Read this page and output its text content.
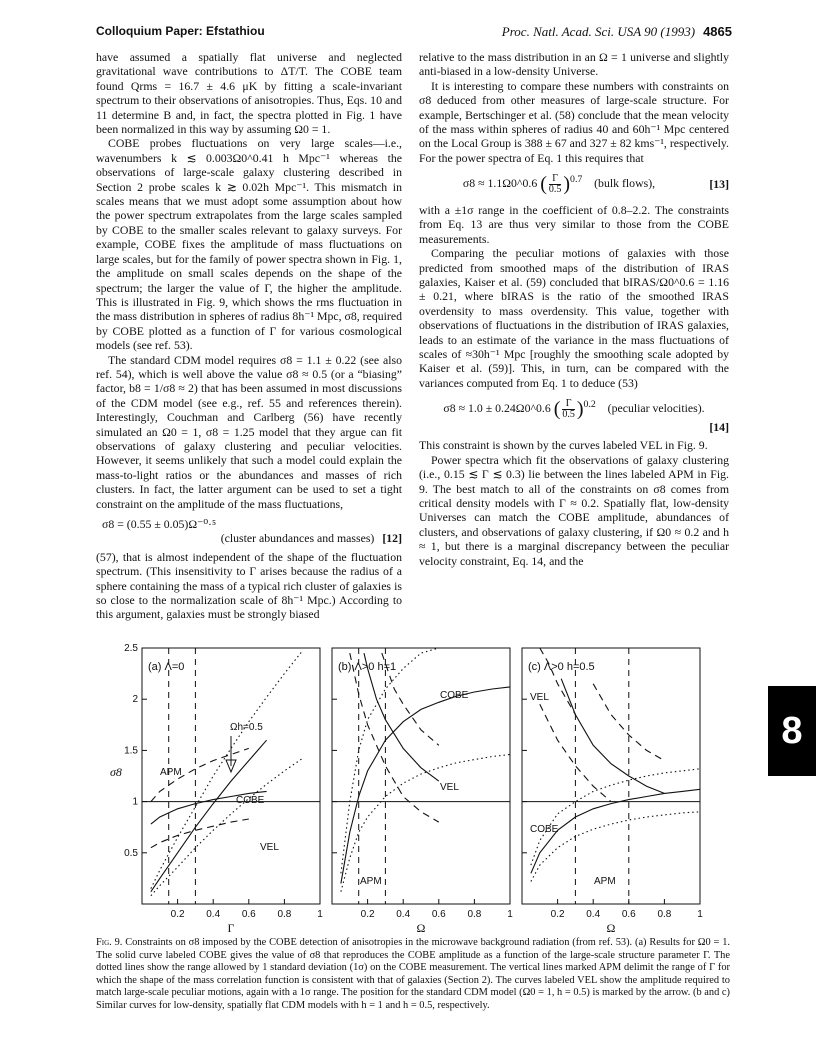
Colloquium Paper: Efstathiou	Proc. Natl. Acad. Sci. USA 90 (1993) 4865

have assumed a spatially flat universe and neglected gravitational wave contributions to ΔT/T. The COBE team found Qrms = 16.7 ± 4.6 μK by fitting a scale-invariant spectrum to their observations of anisotropies. Thus, Eqs. 10 and 11 determine B and, in fact, the spectra plotted in Fig. 1 have been normalized in this way by assuming Ω0 = 1.

COBE probes fluctuations on very large scales—i.e., wavenumbers k ≲ 0.003Ω0^0.41 h Mpc⁻¹ whereas the observations of large-scale galaxy clustering described in Section 2 probe scales k ≳ 0.02h Mpc⁻¹. This mismatch in scales means that we must adopt some assumption about how the power spectrum extrapolates from the large scales sampled by COBE to the smaller scales relevant to galaxy surveys. For example, COBE fixes the amplitude of mass fluctuations on large scales, but for the family of power spectra shown in Fig. 1, the amplitude on small scales depends on the shape of the spectrum; the larger the value of Γ, the higher the amplitude. This is illustrated in Fig. 9, which shows the rms fluctuation in the mass distribution in spheres of radius 8h⁻¹ Mpc, σ8, required by COBE plotted as a function of Γ for various cosmological models (see ref. 53).

The standard CDM model requires σ8 = 1.1 ± 0.22 (see also ref. 54), which is well above the value σ8 ≈ 0.5 (or a “biasing” factor, b8 = 1/σ8 ≈ 2) that has been assumed in most discussions of the CDM model (see e.g., ref. 55 and references therein). Interestingly, Couchman and Carlberg (56) have recently simulated an Ω0 = 1, σ8 = 1.25 model that they argue can fit observations of galaxy clustering and peculiar velocities. However, it seems unlikely that such a model could explain the mass-to-light ratios or the abundances and masses of rich clusters. In fact, the latter argument can be used to set a tight constraint on the amplitude of the mass fluctuations,

σ8 = (0.55 ± 0.05)Ω⁻⁰·⁵
(cluster abundances and masses) [12]

(57), that is almost independent of the shape of the fluctuation spectrum. (This insensitivity to Γ arises because the radius of a sphere containing the mass of a typical rich cluster of galaxies is so close to the normalization scale of 8h⁻¹ Mpc.) According to this argument, galaxies must be strongly biased

relative to the mass distribution in an Ω = 1 universe and slightly anti-biased in a low-density Universe.

It is interesting to compare these numbers with constraints on σ8 deduced from other measures of large-scale structure. For example, Bertschinger et al. (58) conclude that the mean velocity of the mass within spheres of radius 40 and 60h⁻¹ Mpc centered on the Local Group is 388 ± 67 and 327 ± 82 kms⁻¹, respectively. For the power spectra of Eq. 1 this requires that

σ8 ≈ 1.1Ω0^0.6 ( $\frac{\Gamma}{0.5} )^{0.7}$ (bulk flows),	[13]

with a ±1σ range in the coefficient of 0.8–2.2. The constraints from Eq. 13 are thus very similar to those from the COBE measurements.

Comparing the peculiar motions of galaxies with those predicted from smoothed maps of the distribution of IRAS galaxies, Kaiser et al. (59) concluded that bIRAS/Ω0^0.6 = 1.16 ± 0.21, where bIRAS is the ratio of the smoothed IRAS overdensity to mass overdensity. This value, together with observations of fluctuations in the distribution of IRAS galaxies, leads to an estimate of the variance in the mass fluctuations of scales of ≈30h⁻¹ Mpc [roughly the smoothing scale adopted by Kaiser et al. (59)]. This, in turn, can be compared with the variances computed from Eq. 1 to deduce (53)

σ8 ≈ 1.0 ± 0.24Ω0^0.6 ( $\frac{\Gamma}{0.5} )^{0.2}$ (peculiar velocities).
[14]

This constraint is shown by the curves labeled VEL in Fig. 9.

Power spectra which fit the observations of galaxy clustering (i.e., 0.15 ≲ Γ ≲ 0.3) lie between the lines labeled APM in Fig. 9. The best match to all of the constraints on σ8 comes from critical density models with Γ ≈ 0.2. Spatially flat, low-density Universes can match the COBE amplitude, abundances of clusters, and observations of galaxy clustering, if Ω0 ≈ 0.2 and h ≈ 1, but there is a marginal discrepancy between the peculiar velocity constraint, Eq. 14, and the

8
σ8
0.2 0.4 0.6 0.8	1
0.5
1
1.5
2
2.5
Γ
(a) Λ=0
Ωh=0.5
APM
COBE
VEL
0.2 0.4 0.6 0.8	1
Ω
(b) Λ>0 h=1
COBE
VEL
APM
0.2 0.4 0.6 0.8	1
Ω
(c) Λ>0 h=0.5
VEL
COBE
APM
Fig. 9. Constraints on σ8 imposed by the COBE detection of anisotropies in the microwave background radiation (from ref. 53). (a) Results for Ω0 = 1. The solid curve labeled COBE gives the value of σ8 that reproduces the COBE amplitude as a function of the large-scale structure parameter Γ. The dotted lines show the range allowed by 1 standard deviation (1σ) on the COBE measurement. The vertical lines marked APM delimit the range of Γ for which the shape of the mass correlation function is consistent with that of galaxies (Section 2). The curves labeled VEL show the amplitude required to match large-scale peculiar motions, again with a 1σ range. The position for the standard CDM model (Ω0 = 1, h = 0.5) is marked by the arrow. (b and c) Similar curves for low-density, spatially flat CDM models with h = 1 and h = 0.5, respectively.
